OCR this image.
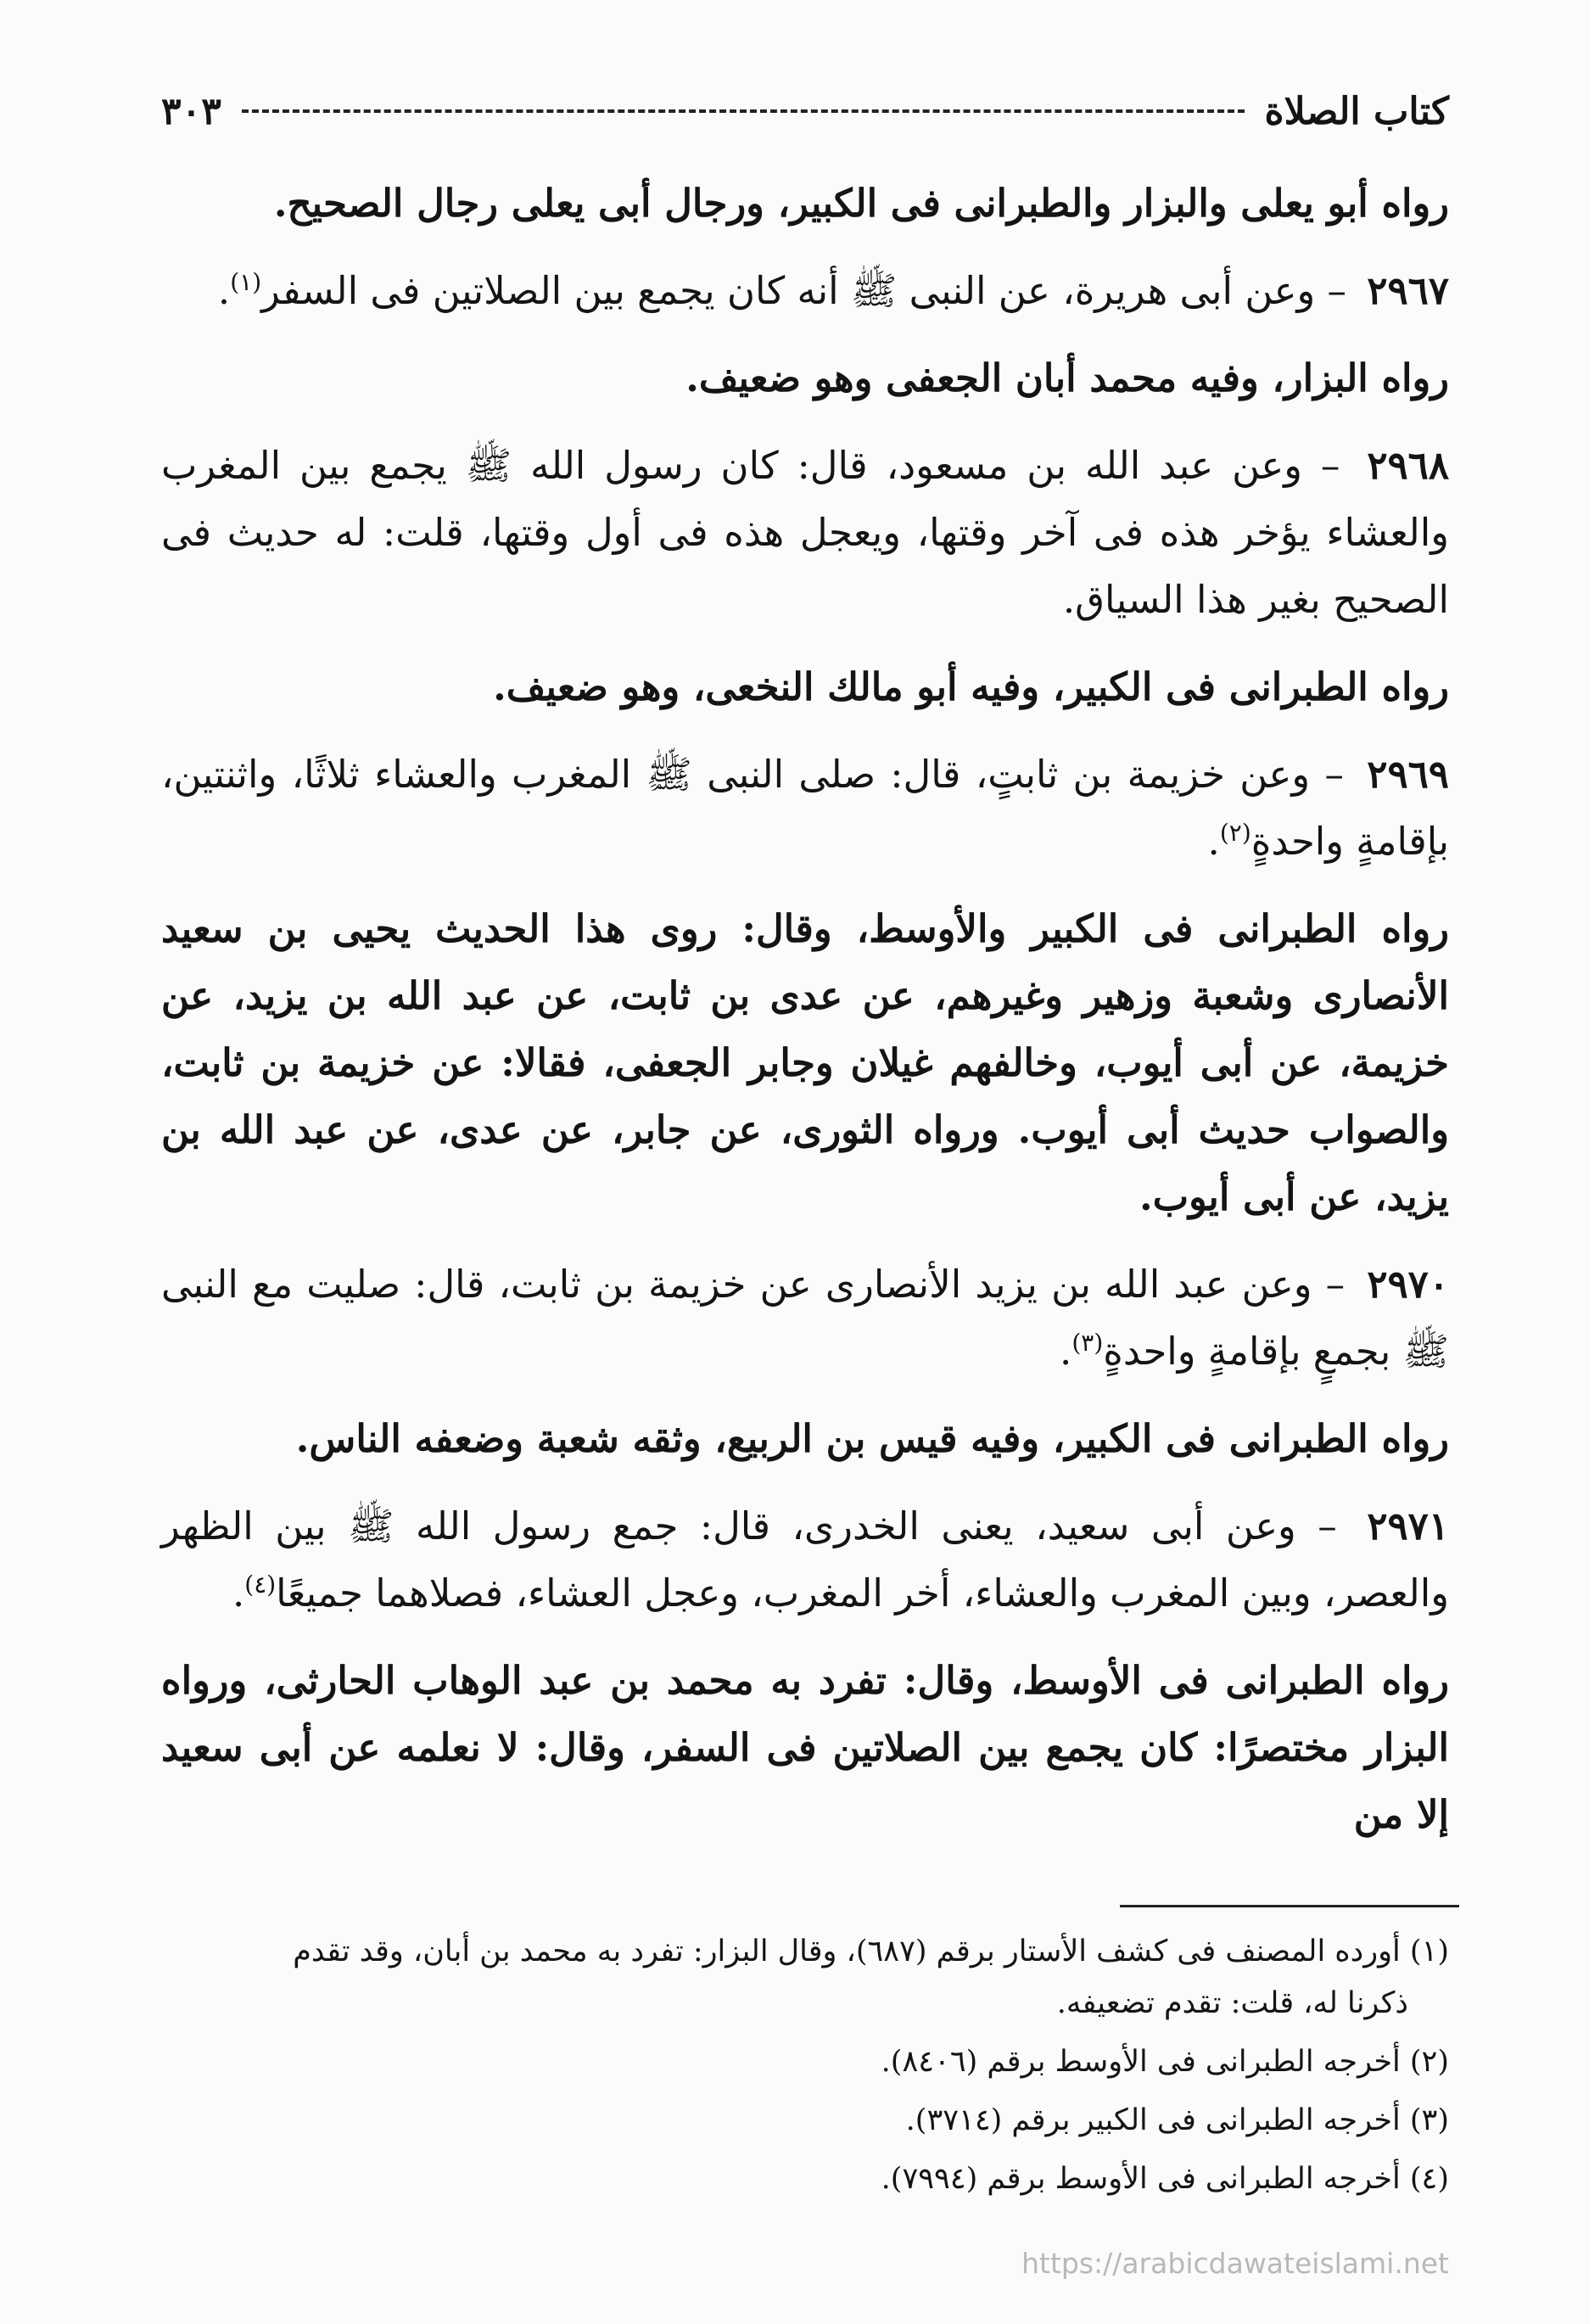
كتاب الصلاة
٣٠٣

رواه أبو يعلى والبزار والطبرانى فى الكبير، ورجال أبى يعلى رجال الصحيح.

٢٩٦٧ – وعن أبى هريرة، عن النبى ﷺ أنه كان يجمع بين الصلاتين فى السفر$^{(١)}$.

رواه البزار، وفيه محمد أبان الجعفى وهو ضعيف.

٢٩٦٨ – وعن عبد الله بن مسعود، قال: كان رسول الله ﷺ يجمع بين المغرب والعشاء يؤخر هذه فى آخر وقتها، ويعجل هذه فى أول وقتها، قلت: له حديث فى الصحيح بغير هذا السياق.

رواه الطبرانى فى الكبير، وفيه أبو مالك النخعى، وهو ضعيف.

٢٩٦٩ – وعن خزيمة بن ثابتٍ، قال: صلى النبى ﷺ المغرب والعشاء ثلاثًا، واثنتين، بإقامةٍ واحدةٍ$^{(٢)}$.

رواه الطبرانى فى الكبير والأوسط، وقال: روى هذا الحديث يحيى بن سعيد الأنصارى وشعبة وزهير وغيرهم، عن عدى بن ثابت، عن عبد الله بن يزيد، عن خزيمة، عن أبى أيوب، وخالفهم غيلان وجابر الجعفى، فقالا: عن خزيمة بن ثابت، والصواب حديث أبى أيوب. ورواه الثورى، عن جابر، عن عدى، عن عبد الله بن يزيد، عن أبى أيوب.

٢٩٧٠ – وعن عبد الله بن يزيد الأنصارى عن خزيمة بن ثابت، قال: صليت مع النبى ﷺ بجمعٍ بإقامةٍ واحدةٍ$^{(٣)}$.

رواه الطبرانى فى الكبير، وفيه قيس بن الربيع، وثقه شعبة وضعفه الناس.

٢٩٧١ – وعن أبى سعيد، يعنى الخدرى، قال: جمع رسول الله ﷺ بين الظهر والعصر، وبين المغرب والعشاء، أخر المغرب، وعجل العشاء، فصلاهما جميعًا$^{(٤)}$.

رواه الطبرانى فى الأوسط، وقال: تفرد به محمد بن عبد الوهاب الحارثى، ورواه البزار مختصرًا: كان يجمع بين الصلاتين فى السفر، وقال: لا نعلمه عن أبى سعيد إلا من

(١) أورده المصنف فى كشف الأستار برقم (٦٨٧)، وقال البزار: تفرد به محمد بن أبان، وقد تقدم

ذكرنا له، قلت: تقدم تضعيفه.

(٢) أخرجه الطبرانى فى الأوسط برقم (٨٤٠٦).

(٣) أخرجه الطبرانى فى الكبير برقم (٣٧١٤).

(٤) أخرجه الطبرانى فى الأوسط برقم (٧٩٩٤).

https://arabicdawateislami.net
